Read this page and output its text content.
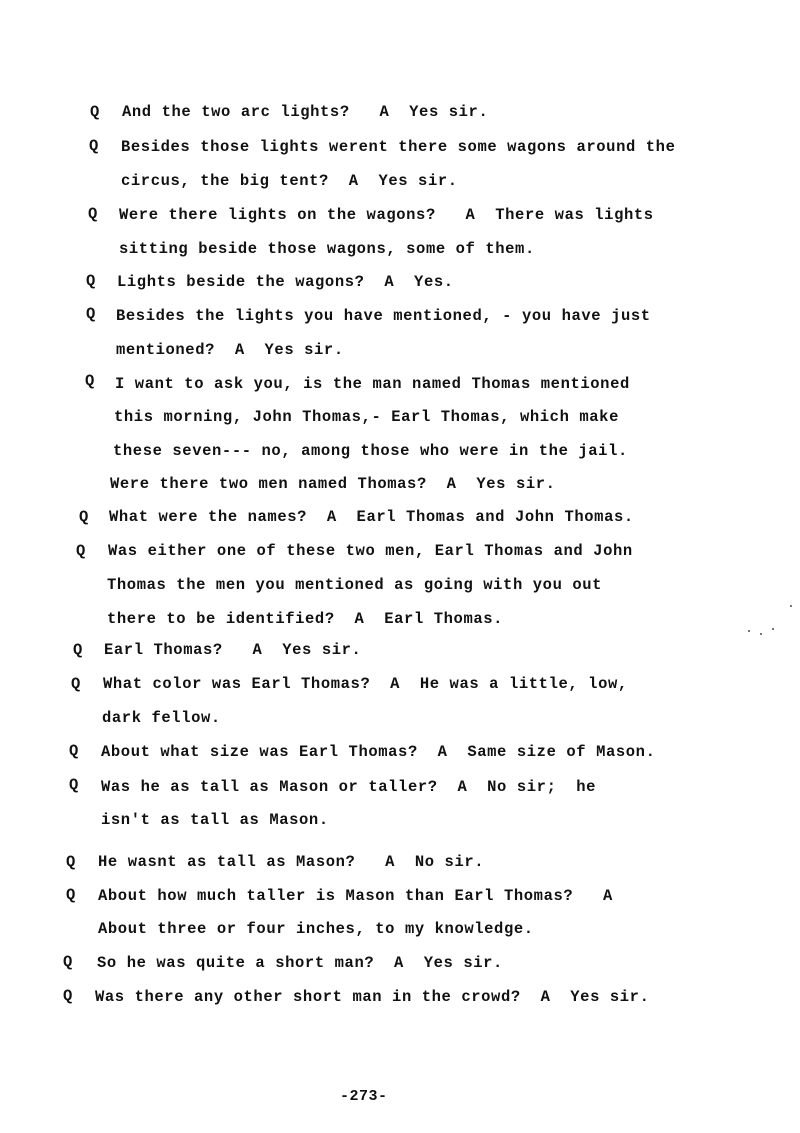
Q And the two arc lights?   A  Yes sir.
Q Besides those lights werent there some wagons around the
circus, the big tent?  A  Yes sir.
Q Were there lights on the wagons?   A  There was lights
sitting beside those wagons, some of them.
Q Lights beside the wagons?  A  Yes.
Q Besides the lights you have mentioned, - you have just
mentioned?  A  Yes sir.
Q I want to ask you, is the man named Thomas mentioned
this morning, John Thomas,- Earl Thomas, which make
these seven--- no, among those who were in the jail.
Were there two men named Thomas?  A  Yes sir.
Q What were the names?  A  Earl Thomas and John Thomas.
Q Was either one of these two men, Earl Thomas and John
Thomas the men you mentioned as going with you out
there to be identified?  A  Earl Thomas.
Q Earl Thomas?   A  Yes sir.
Q What color was Earl Thomas?  A  He was a little, low,
dark fellow.
Q About what size was Earl Thomas?  A  Same size of Mason.
Q Was he as tall as Mason or taller?  A  No sir;  he
isn't as tall as Mason.
Q He wasnt as tall as Mason?   A  No sir.
Q About how much taller is Mason than Earl Thomas?   A
About three or four inches, to my knowledge.
Q So he was quite a short man?  A  Yes sir.
Q Was there any other short man in the crowd?  A  Yes sir.
-273-
